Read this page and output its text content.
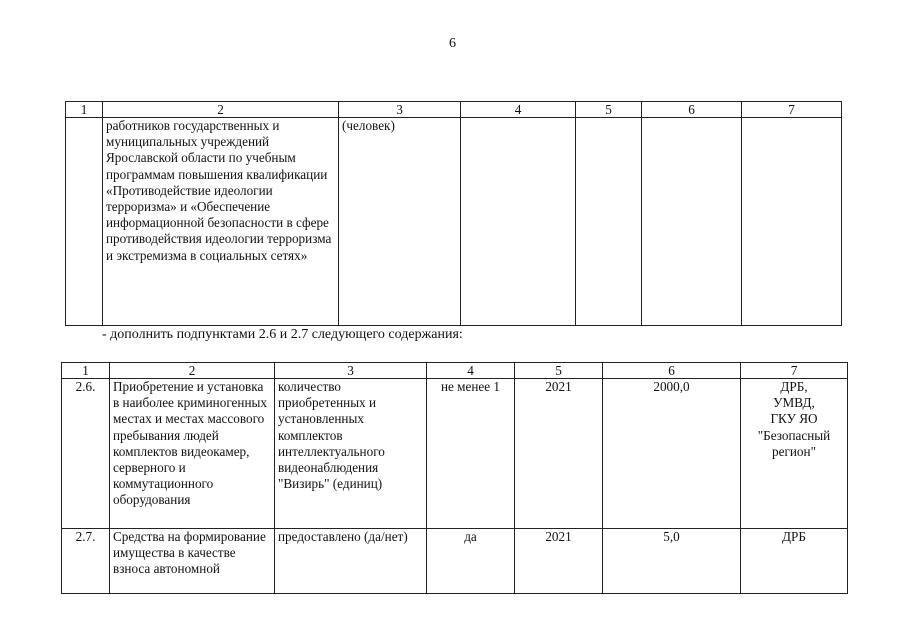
6
1	2	3	4	5	6	7
	работников государственных и муниципальных учреждений Ярославской области по учебным программам повышения квалификации «Противодействие идеологии терроризма» и «Обеспечение информационной безопасности в сфере противодействия идеологии терроризма и экстремизма в социальных сетях»	(человек)				
- дополнить подпунктами 2.6 и 2.7 следующего содержания:
1	2	3	4	5	6	7
2.6.	Приобретение и установка в наиболее криминогенных местах и местах массового пребывания людей комплектов видеокамер, серверного и коммутационного оборудования	количество приобретенных и установленных комплектов интеллектуального видеонаблюдения "Визирь" (единиц)	не менее 1	2021	2000,0	ДРБ,
УМВД,
ГКУ ЯО
"Безопасный
регион"

2.7.	Средства на формирование имущества в качестве взноса автономной	предоставлено (да/нет)	да	2021	5,0	ДРБ
